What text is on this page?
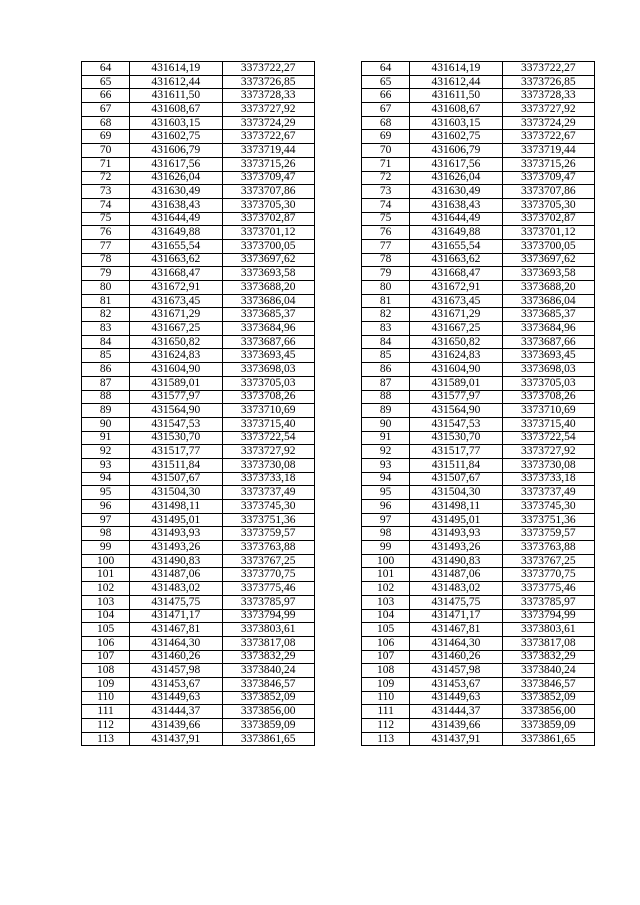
64	431614,19	3373722,27		64	431614,19	3373722,27
65	431612,44	3373726,85		65	431612,44	3373726,85
66	431611,50	3373728,33		66	431611,50	3373728,33
67	431608,67	3373727,92		67	431608,67	3373727,92
68	431603,15	3373724,29		68	431603,15	3373724,29
69	431602,75	3373722,67		69	431602,75	3373722,67
70	431606,79	3373719,44		70	431606,79	3373719,44
71	431617,56	3373715,26		71	431617,56	3373715,26
72	431626,04	3373709,47		72	431626,04	3373709,47
73	431630,49	3373707,86		73	431630,49	3373707,86
74	431638,43	3373705,30		74	431638,43	3373705,30
75	431644,49	3373702,87		75	431644,49	3373702,87
76	431649,88	3373701,12		76	431649,88	3373701,12
77	431655,54	3373700,05		77	431655,54	3373700,05
78	431663,62	3373697,62		78	431663,62	3373697,62
79	431668,47	3373693,58		79	431668,47	3373693,58
80	431672,91	3373688,20		80	431672,91	3373688,20
81	431673,45	3373686,04		81	431673,45	3373686,04
82	431671,29	3373685,37		82	431671,29	3373685,37
83	431667,25	3373684,96		83	431667,25	3373684,96
84	431650,82	3373687,66		84	431650,82	3373687,66
85	431624,83	3373693,45		85	431624,83	3373693,45
86	431604,90	3373698,03		86	431604,90	3373698,03
87	431589,01	3373705,03		87	431589,01	3373705,03
88	431577,97	3373708,26		88	431577,97	3373708,26
89	431564,90	3373710,69		89	431564,90	3373710,69
90	431547,53	3373715,40		90	431547,53	3373715,40
91	431530,70	3373722,54		91	431530,70	3373722,54
92	431517,77	3373727,92		92	431517,77	3373727,92
93	431511,84	3373730,08		93	431511,84	3373730,08
94	431507,67	3373733,18		94	431507,67	3373733,18
95	431504,30	3373737,49		95	431504,30	3373737,49
96	431498,11	3373745,30		96	431498,11	3373745,30
97	431495,01	3373751,36		97	431495,01	3373751,36
98	431493,93	3373759,57		98	431493,93	3373759,57
99	431493,26	3373763,88		99	431493,26	3373763,88
100	431490,83	3373767,25		100	431490,83	3373767,25
101	431487,06	3373770,75		101	431487,06	3373770,75
102	431483,02	3373775,46		102	431483,02	3373775,46
103	431475,75	3373785,97		103	431475,75	3373785,97
104	431471,17	3373794,99		104	431471,17	3373794,99
105	431467,81	3373803,61		105	431467,81	3373803,61
106	431464,30	3373817,08		106	431464,30	3373817,08
107	431460,26	3373832,29		107	431460,26	3373832,29
108	431457,98	3373840,24		108	431457,98	3373840,24
109	431453,67	3373846,57		109	431453,67	3373846,57
110	431449,63	3373852,09		110	431449,63	3373852,09
111	431444,37	3373856,00		111	431444,37	3373856,00
112	431439,66	3373859,09		112	431439,66	3373859,09
113	431437,91	3373861,65		113	431437,91	3373861,65
